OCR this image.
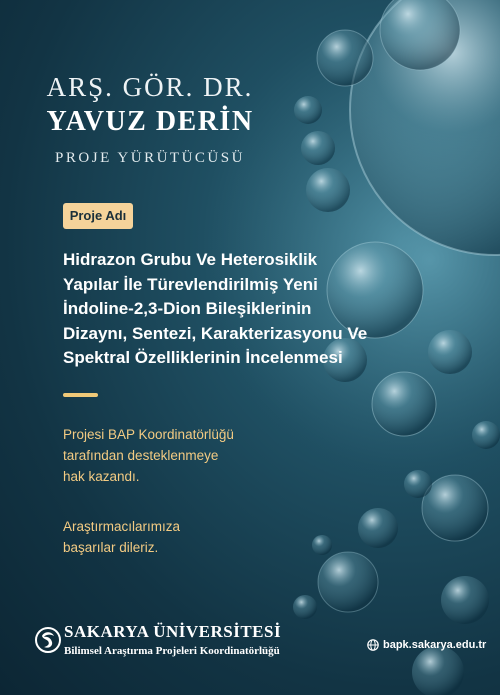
ARŞ. GÖR. DR.
YAVUZ DERİN
PROJE YÜRÜTÜCÜSÜ
Proje Adı
Hidrazon Grubu Ve Heterosiklik
Yapılar İle Türevlendirilmiş Yeni
İndoline-2,3-Dion Bileşiklerinin
Dizaynı, Sentezi, Karakterizasyonu Ve
Spektral Özelliklerinin İncelenmesi
Projesi BAP Koordinatörlüğü
tarafından desteklenmeye
hak kazandı.
Araştırmacılarımıza
başarılar dileriz.
SAKARYA ÜNİVERSİTESİ
Bilimsel Araştırma Projeleri Koordinatörlüğü	bapk.sakarya.edu.tr
